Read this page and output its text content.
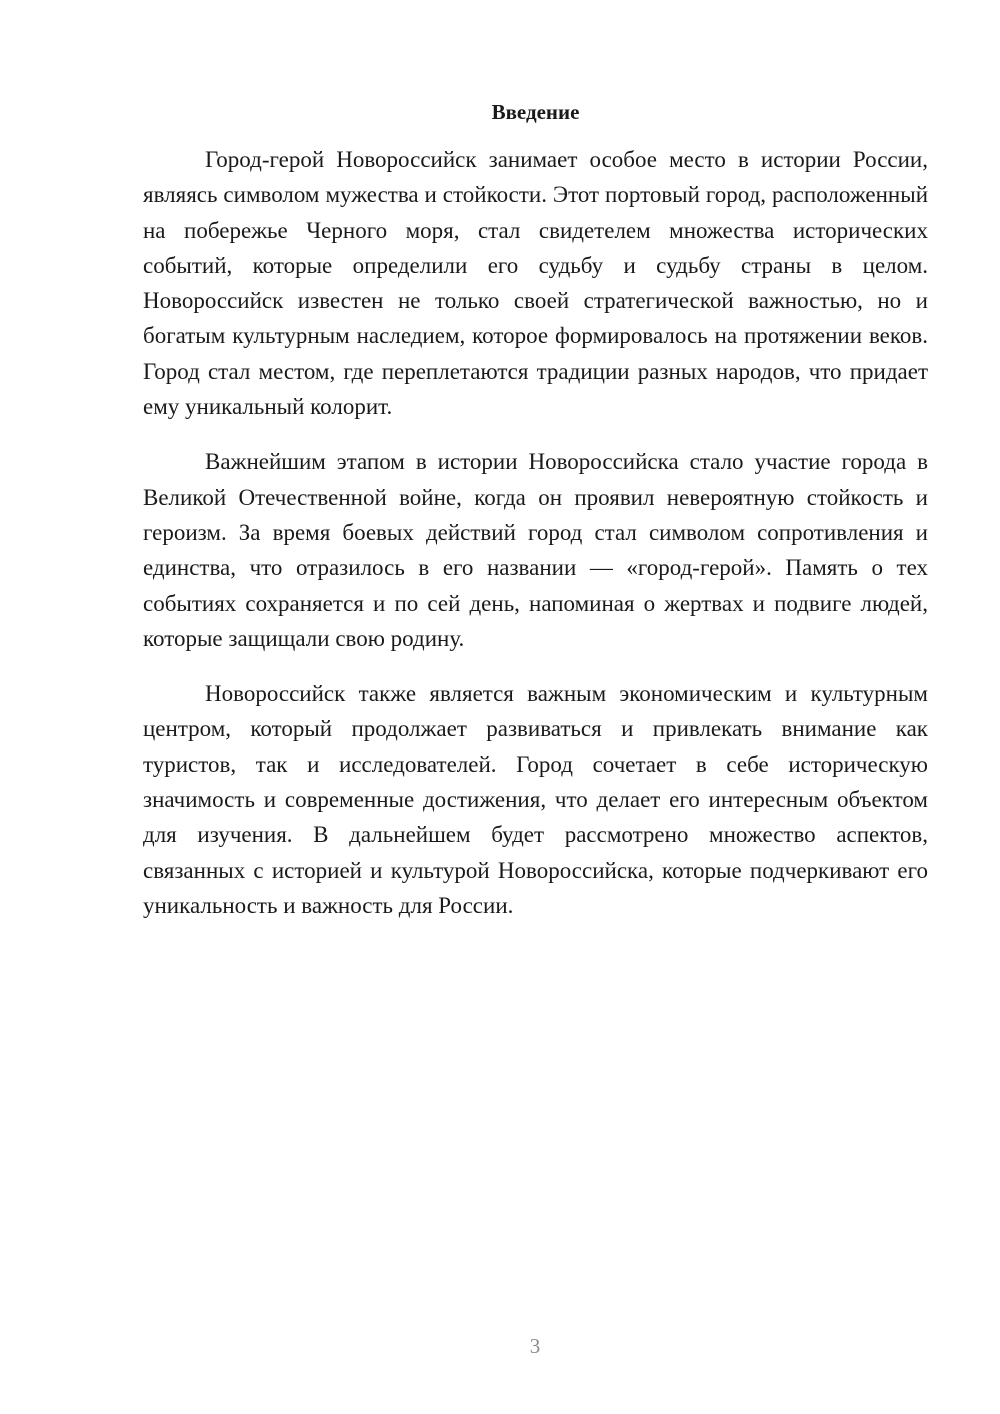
Введение

Город-герой Новороссийск занимает особое место в истории России, являясь символом мужества и стойкости. Этот портовый город, расположенный на побережье Черного моря, стал свидетелем множества исторических событий, которые определили его судьбу и судьбу страны в целом. Новороссийск известен не только своей стратегической важностью, но и богатым культурным наследием, которое формировалось на протяжении веков. Город стал местом, где переплетаются традиции разных народов, что придает ему уникальный колорит.

Важнейшим этапом в истории Новороссийска стало участие города в Великой Отечественной войне, когда он проявил невероятную стойкость и героизм. За время боевых действий город стал символом сопротивления и единства, что отразилось в его названии — «город-герой». Память о тех событиях сохраняется и по сей день, напоминая о жертвах и подвиге людей, которые защищали свою родину.

Новороссийск также является важным экономическим и культурным центром, который продолжает развиваться и привлекать внимание как туристов, так и исследователей. Город сочетает в себе историческую значимость и современные достижения, что делает его интересным объектом для изучения. В дальнейшем будет рассмотрено множество аспектов, связанных с историей и культурой Новороссийска, которые подчеркивают его уникальность и важность для России.

3
